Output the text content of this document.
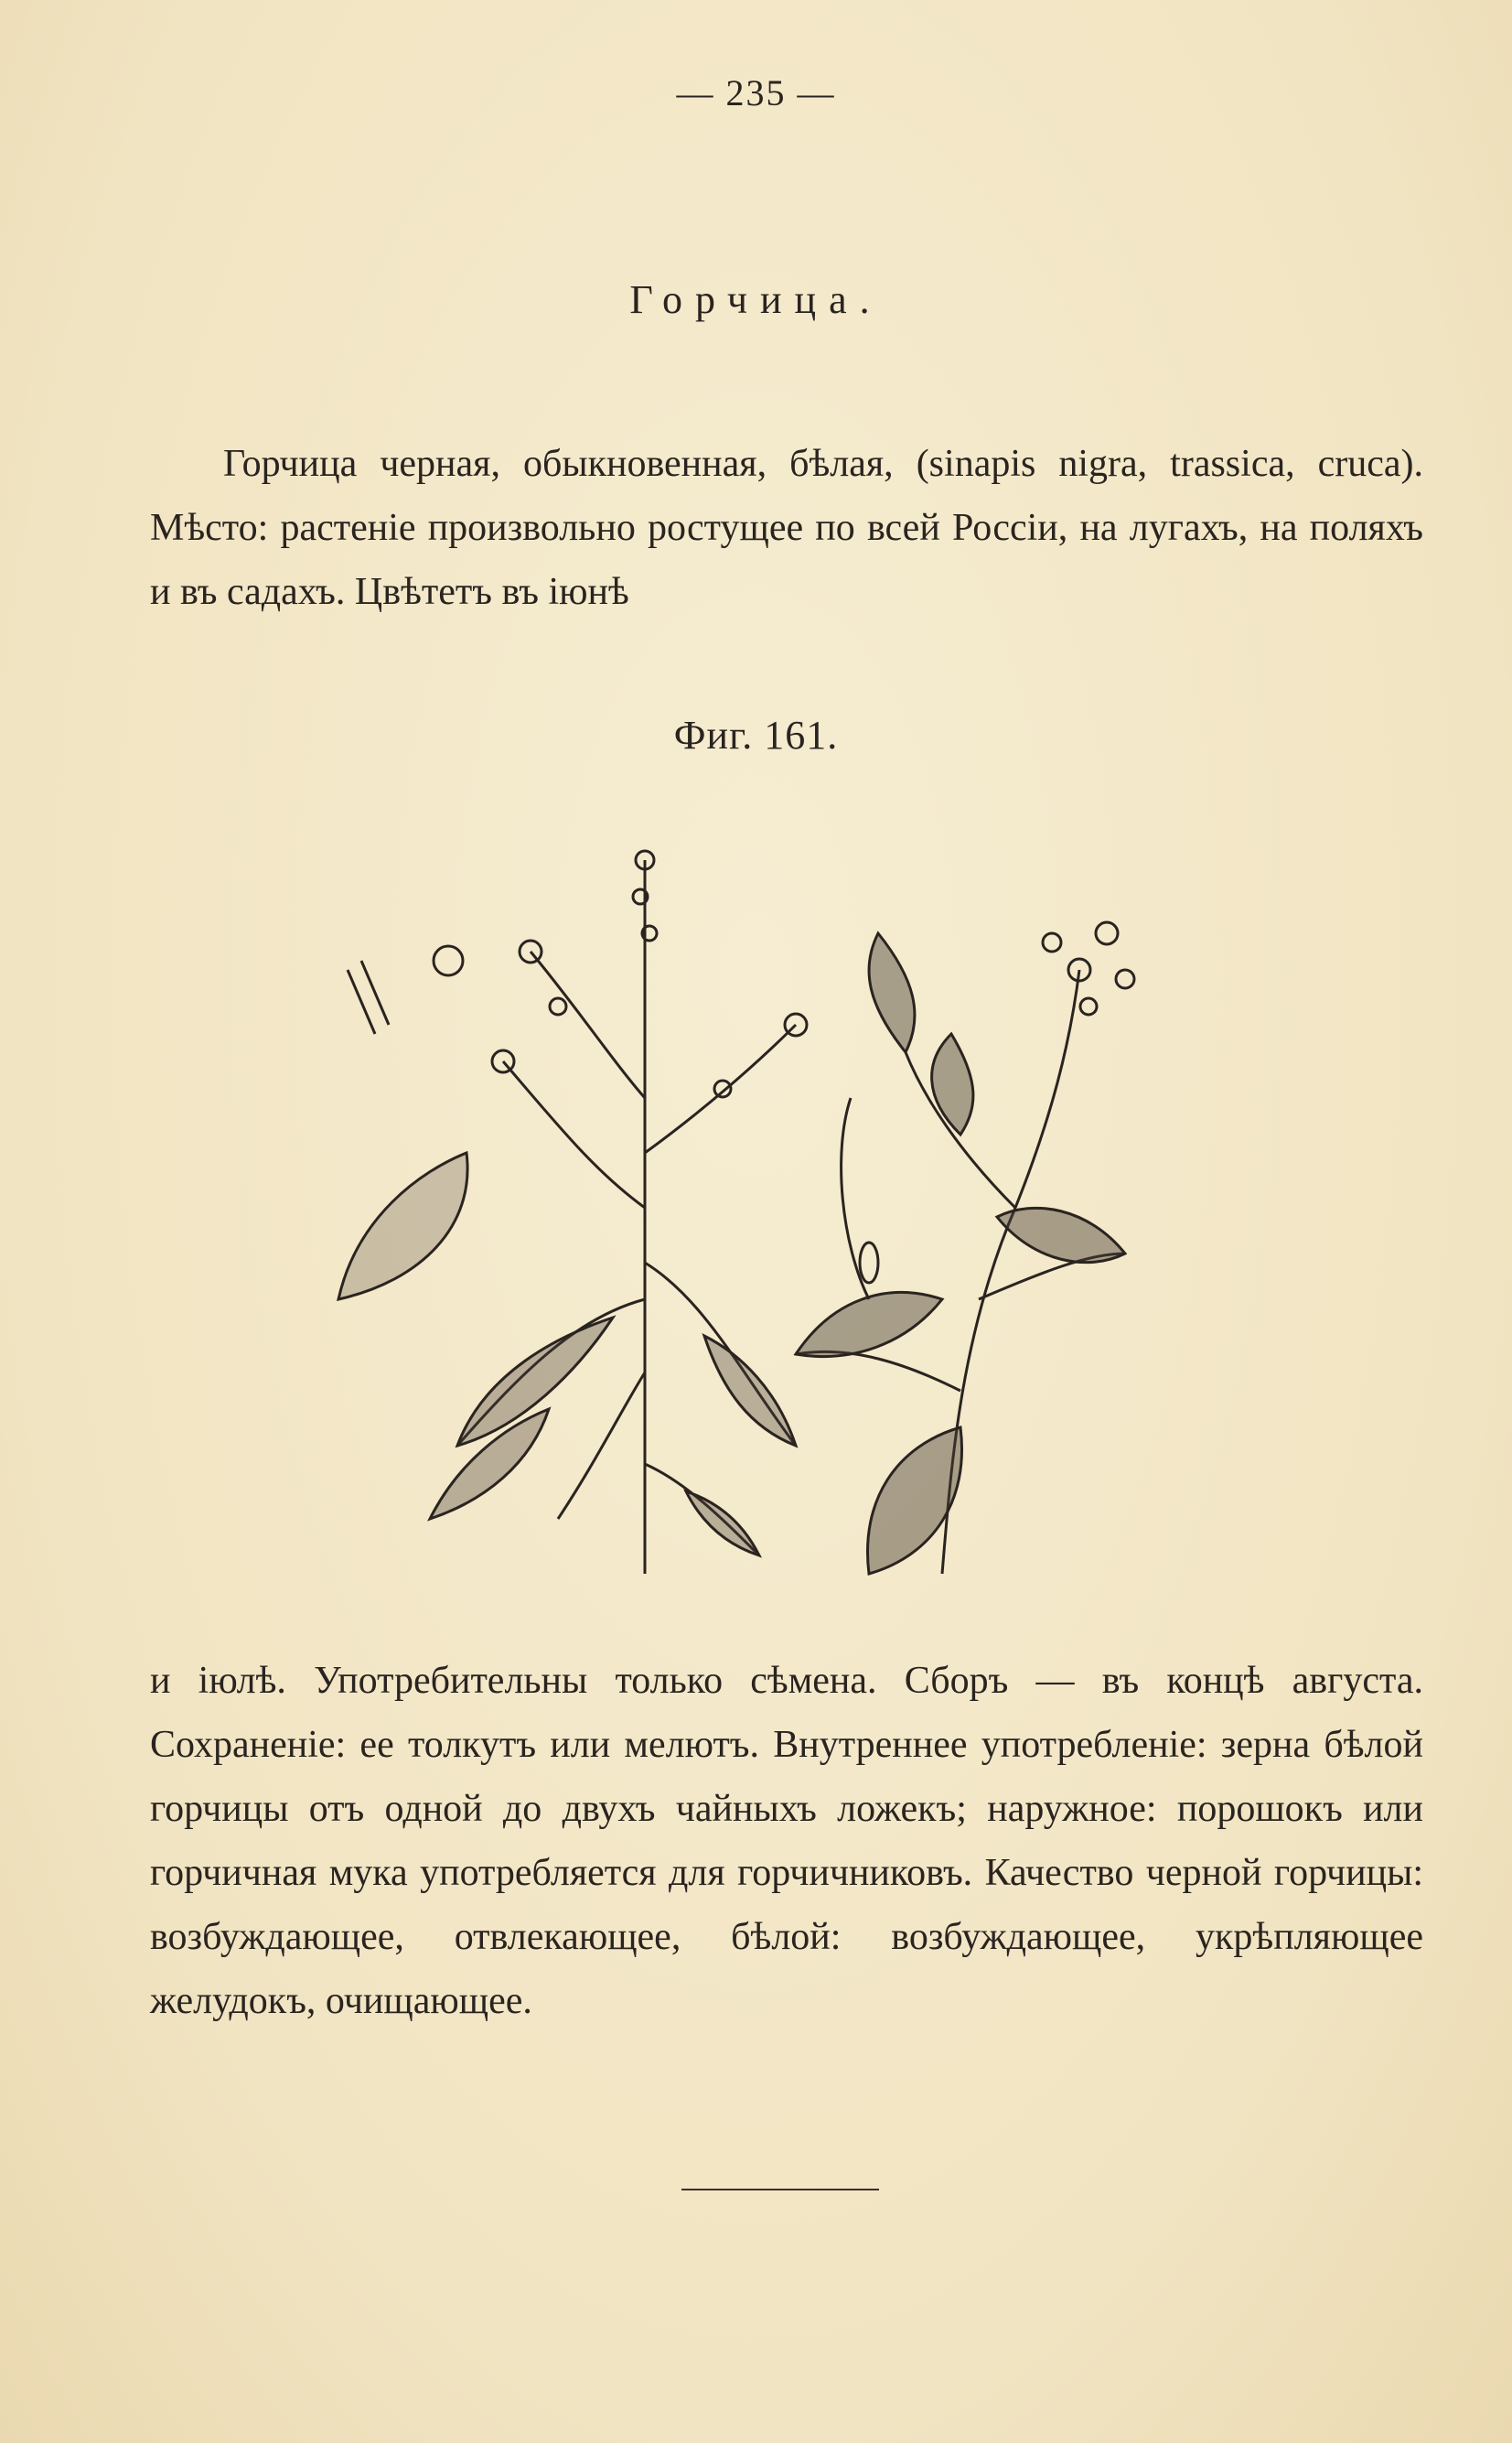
— 235 —
Горчица.
Горчица черная, обыкновенная, бѣлая, (sinapis nigra, trassica, cruca). Мѣсто: растеніе произвольно ростущее по всей Россіи, на лугахъ, на поляхъ и въ садахъ. Цвѣтетъ въ іюнѣ
Фиг. 161.
и іюлѣ. Употребительны только сѣмена. Сборъ — въ концѣ августа. Сохраненіе: ее толкутъ или мелютъ. Внутреннее употребленіе: зерна бѣлой горчицы отъ одной до двухъ чайныхъ ложекъ; наружное: порошокъ или горчичная мука употребляется для горчичниковъ. Качество черной горчицы: возбуждающее, отвлекающее, бѣлой: возбуждающее, укрѣпляющее желудокъ, очищающее.
